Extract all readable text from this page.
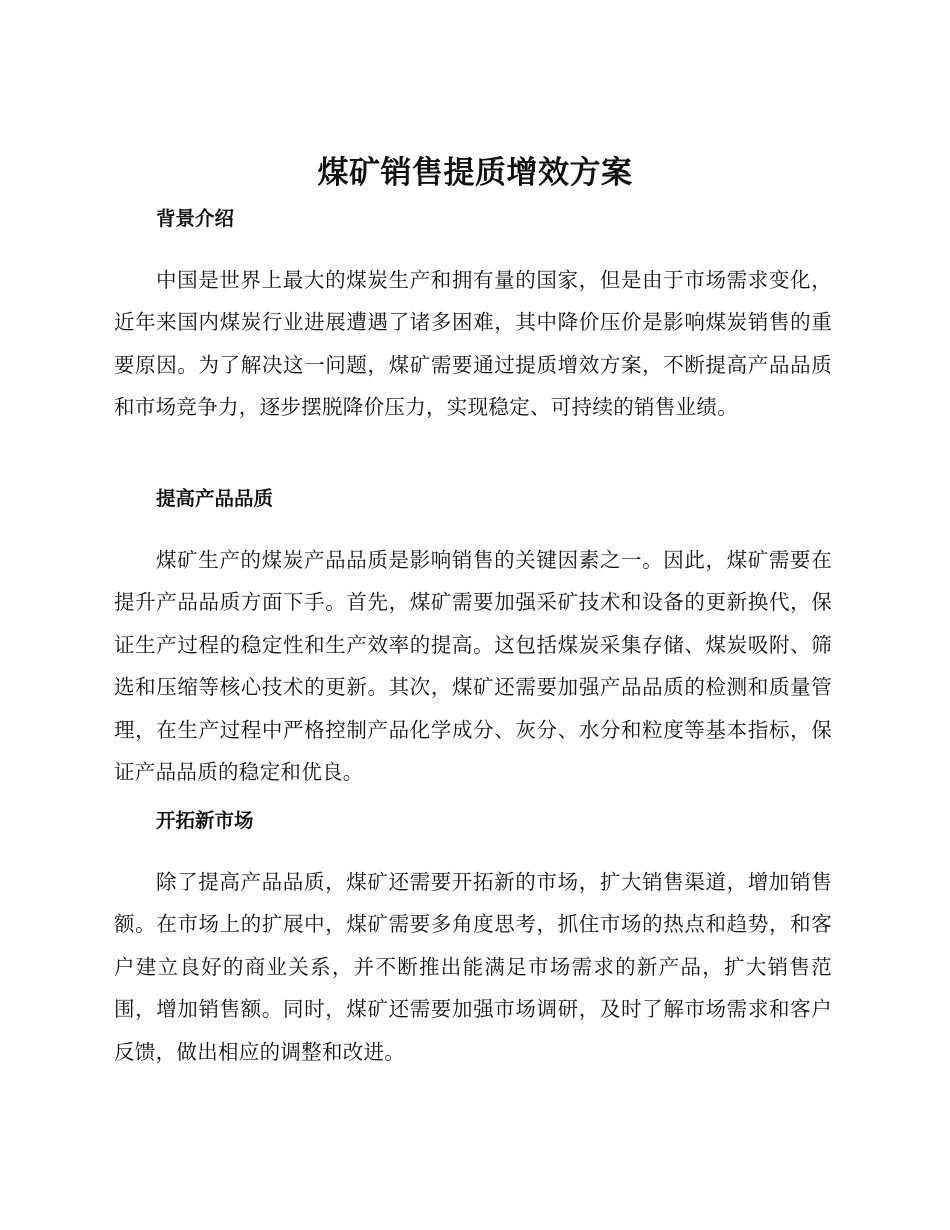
煤矿销售提质增效方案
背景介绍

中国是世界上最大的煤炭生产和拥有量的国家，但是由于市场需求变化，近年来国内煤炭行业进展遭遇了诸多困难，其中降价压价是影响煤炭销售的重要原因。为了解决这一问题，煤矿需要通过提质增效方案，不断提高产品品质和市场竞争力，逐步摆脱降价压力，实现稳定、可持续的销售业绩。

提高产品品质

煤矿生产的煤炭产品品质是影响销售的关键因素之一。因此，煤矿需要在提升产品品质方面下手。首先，煤矿需要加强采矿技术和设备的更新换代，保证生产过程的稳定性和生产效率的提高。这包括煤炭采集存储、煤炭吸附、筛选和压缩等核心技术的更新。其次，煤矿还需要加强产品品质的检测和质量管理，在生产过程中严格控制产品化学成分、灰分、水分和粒度等基本指标，保证产品品质的稳定和优良。

开拓新市场

除了提高产品品质，煤矿还需要开拓新的市场，扩大销售渠道，增加销售额。在市场上的扩展中，煤矿需要多角度思考，抓住市场的热点和趋势，和客户建立良好的商业关系，并不断推出能满足市场需求的新产品，扩大销售范围，增加销售额。同时，煤矿还需要加强市场调研，及时了解市场需求和客户反馈，做出相应的调整和改进。
